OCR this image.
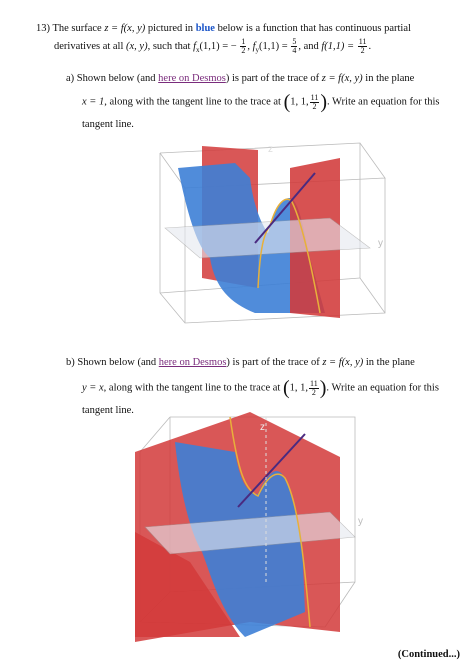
13) The surface z = f(x, y) pictured in blue below is a function that has continuous partial
derivatives at all (x, y), such that $f_x(1,1)$ = − $\frac{1}{2}$ , $f_y(1,1) = \frac{5}{4}$ , and $f(1,1) = \frac{11}{2}$ .
a) Shown below (and here on Desmos) is part of the trace of z = f(x, y) in the plane
x = 1, along with the tangent line to the trace at (1, 1, $\frac{11}{2}$ ). Write an equation for this
tangent line.
z
y
b) Shown below (and here on Desmos) is part of the trace of z = f(x, y) in the plane
y = x, along with the tangent line to the trace at (1, 1, $\frac{11}{2}$ ). Write an equation for this
tangent line.
z
y
(Continued...)
